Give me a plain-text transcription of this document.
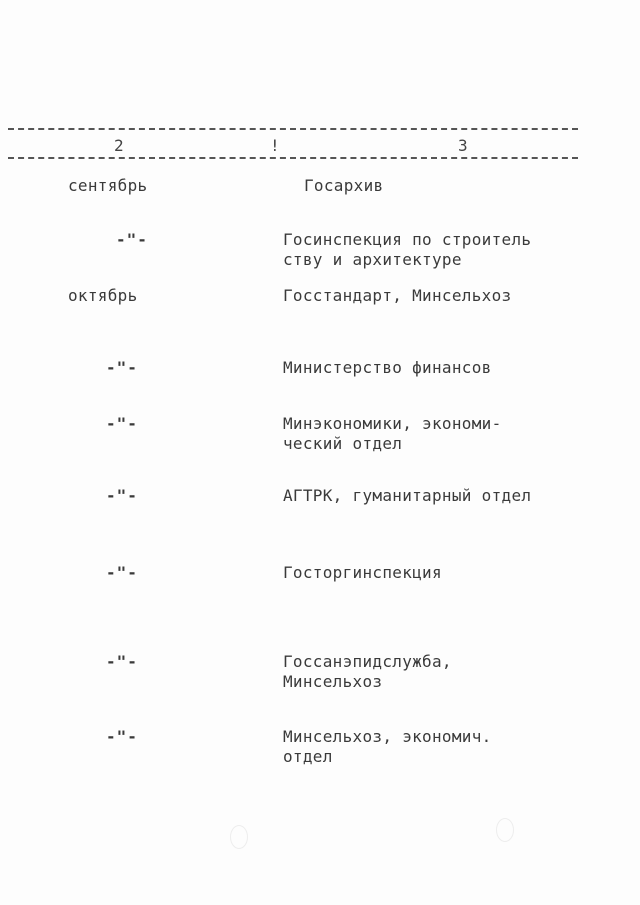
2	!	3
сентябрь	Госархив
-"-	Госинспекция по строитель
ству и архитектуре
октябрь	Госстандарт, Минсельхоз
-"-	Министерство финансов
-"-	Минэкономики, экономи-
ческий отдел
-"-	АГТРК, гуманитарный отдел
-"-	Госторгинспекция
-"-	Госсанэпидслужба,
Минсельхоз
-"-	Минсельхоз, экономич.
отдел
